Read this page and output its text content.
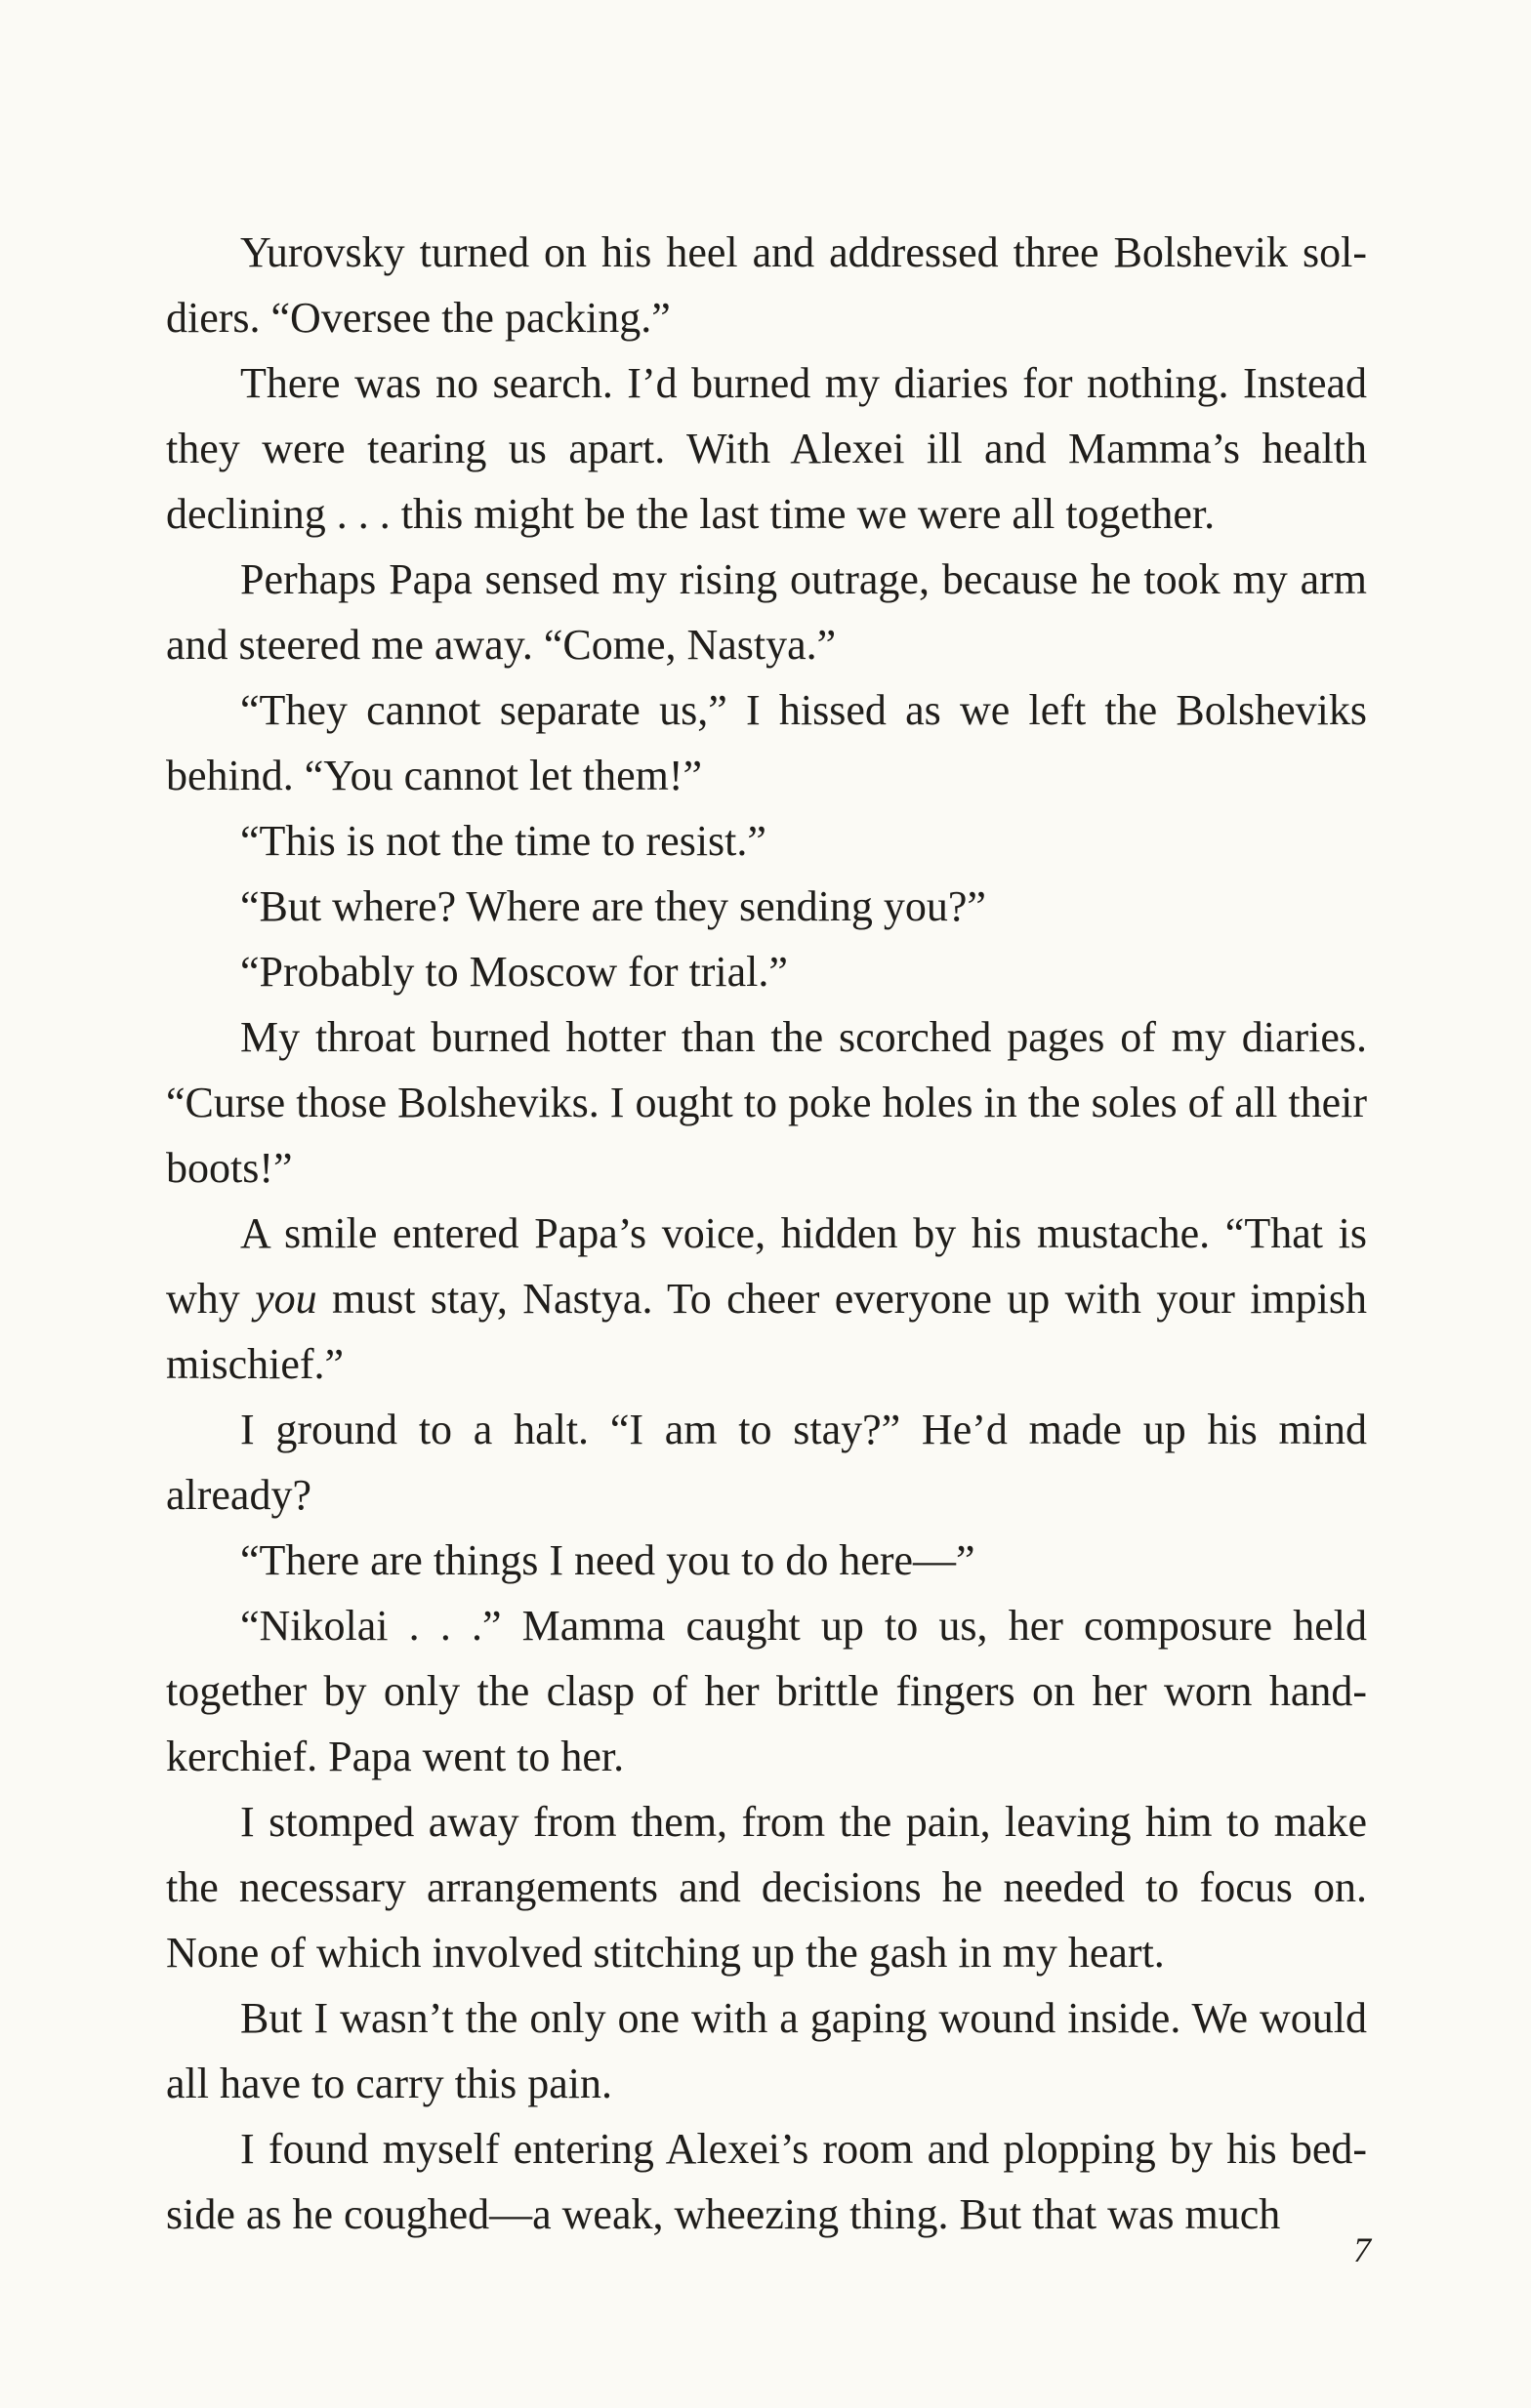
Yurovsky turned on his heel and addressed three Bolshevik sol-diers. “Oversee the packing.”

There was no search. I’d burned my diaries for nothing. Instead they were tearing us apart. With Alexei ill and Mamma’s health declining . . . this might be the last time we were all together.

Perhaps Papa sensed my rising outrage, because he took my arm and steered me away. “Come, Nastya.”

“They cannot separate us,” I hissed as we left the Bolsheviks behind. “You cannot let them!”

“This is not the time to resist.”

“But where? Where are they sending you?”

“Probably to Moscow for trial.”

My throat burned hotter than the scorched pages of my diaries. “Curse those Bolsheviks. I ought to poke holes in the soles of all their boots!”

A smile entered Papa’s voice, hidden by his mustache. “That is why you must stay, Nastya. To cheer everyone up with your impish mischief.”

I ground to a halt. “I am to stay?” He’d made up his mind already?

“There are things I need you to do here—”

“Nikolai . . .” Mamma caught up to us, her composure held together by only the clasp of her brittle fingers on her worn hand-kerchief. Papa went to her.

I stomped away from them, from the pain, leaving him to make the necessary arrangements and decisions he needed to focus on. None of which involved stitching up the gash in my heart.

But I wasn’t the only one with a gaping wound inside. We would all have to carry this pain.

I found myself entering Alexei’s room and plopping by his bed-side as he coughed—a weak, wheezing thing. But that was much

7
